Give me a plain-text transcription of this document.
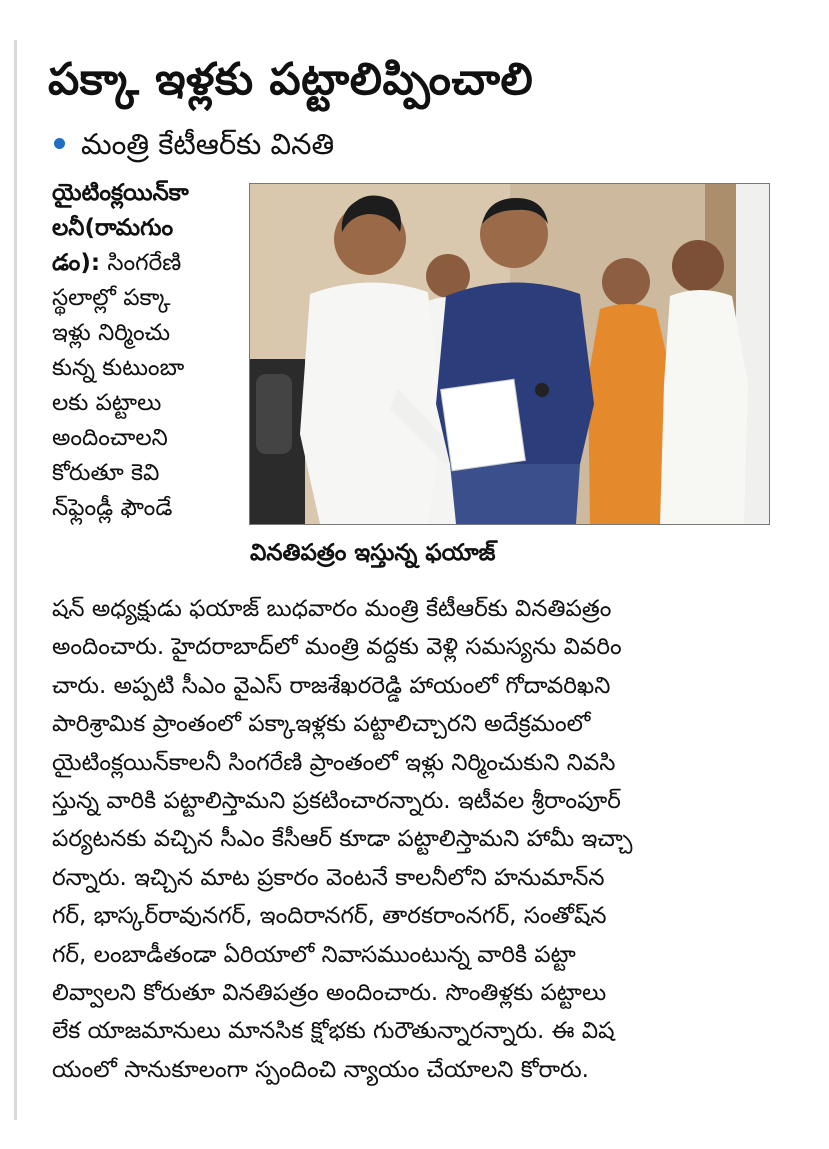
పక్కా ఇళ్లకు పట్టాలిప్పించాలి
మంత్రి కేటీఆర్‌కు వినతి
యైటింక్లయిన్‌కా
లనీ(రామగుం
డం): సింగరేణి
స్థలాల్లో పక్కా
ఇళ్లు నిర్మించు
కున్న కుటుంబా
లకు పట్టాలు
అందించాలని
కోరుతూ కెవి
న్‌ఫ్లెండ్లీ ఫౌండే
వినతిపత్రం ఇస్తున్న ఫయాజ్‌
షన్‌ అధ్యక్షుడు ఫయాజ్‌ బుధవారం మంత్రి కేటీఆర్‌కు వినతిపత్రం
అందించారు. హైదరాబాద్‌లో మంత్రి వద్దకు వెళ్లి సమస్యను వివరిం
చారు. అప్పటి సీఎం వైఎస్‌ రాజశేఖరరెడ్డి హాయంలో గోదావరిఖని
పారిశ్రామిక ప్రాంతంలో పక్కాఇళ్లకు పట్టాలిచ్చారని అదేక్రమంలో
యైటింక్లయిన్‌కాలనీ సింగరేణి ప్రాంతంలో ఇళ్లు నిర్మించుకుని నివసి
స్తున్న వారికి పట్టాలిస్తామని ప్రకటించారన్నారు. ఇటీవల శ్రీరాంపూర్‌
పర్యటనకు వచ్చిన సీఎం కేసీఆర్‌ కూడా పట్టాలిస్తామని హామీ ఇచ్చా
రన్నారు. ఇచ్చిన మాట ప్రకారం వెంటనే కాలనీలోని హనుమాన్‌న
గర్‌, భాస్కర్‌రావునగర్‌, ఇందిరానగర్‌, తారకరాంనగర్‌, సంతోష్‌న
గర్‌, లంబాడీతండా ఏరియాలో నివాసముంటున్న వారికి పట్టా
లివ్వాలని కోరుతూ వినతిపత్రం అందించారు. సొంతిళ్లకు పట్టాలు
లేక యాజమానులు మానసిక క్షోభకు గురౌతున్నారన్నారు. ఈ విష
యంలో సానుకూలంగా స్పందించి న్యాయం చేయాలని కోరారు.
